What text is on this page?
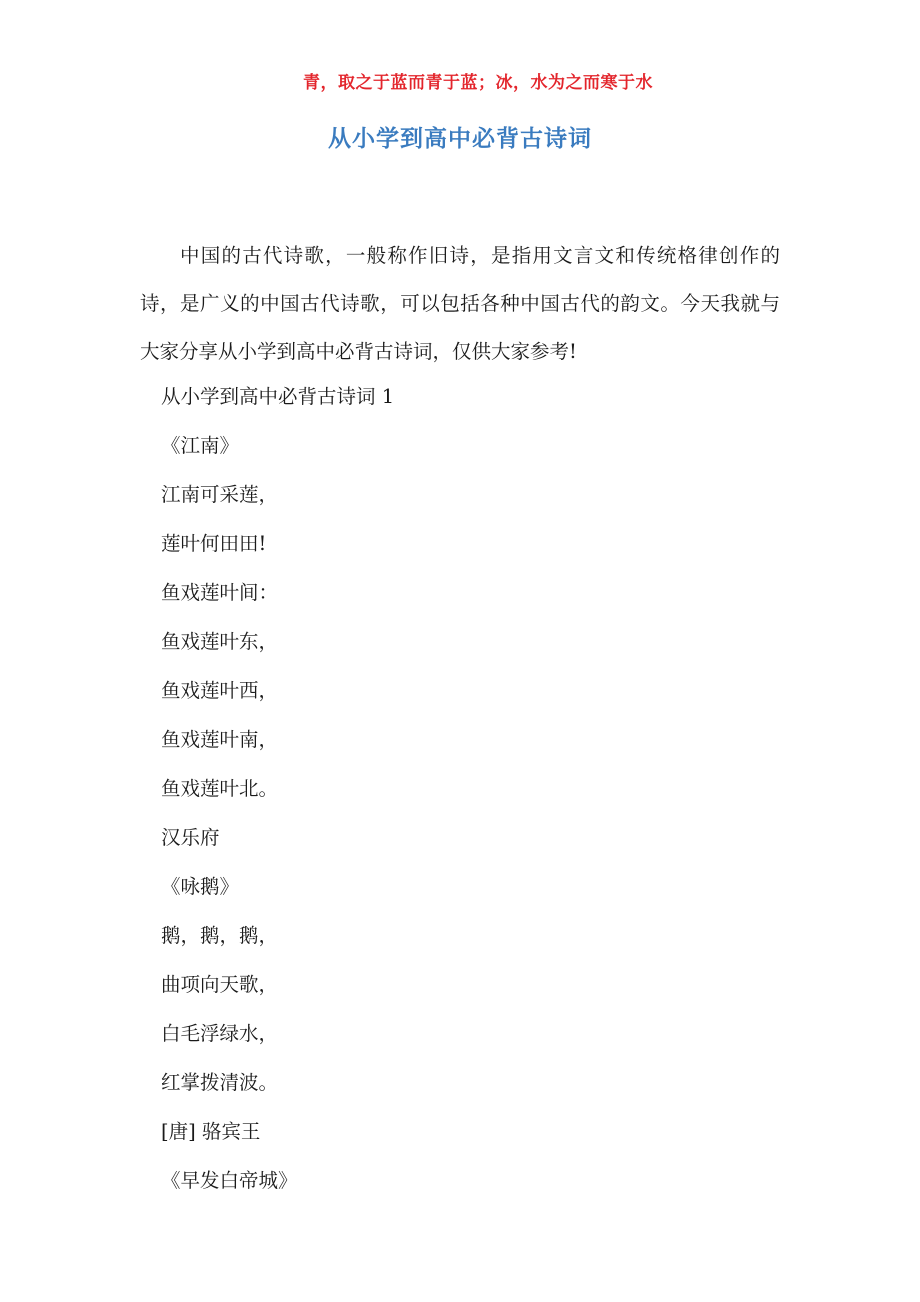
青，取之于蓝而青于蓝；冰，水为之而寒于水
从小学到高中必背古诗词
中国的古代诗歌，一般称作旧诗，是指用文言文和传统格律创作的诗，是广义的中国古代诗歌，可以包括各种中国古代的韵文。今天我就与大家分享从小学到高中必背古诗词，仅供大家参考!
从小学到高中必背古诗词 1
《江南》
江南可采莲，
莲叶何田田!
鱼戏莲叶间：
鱼戏莲叶东，
鱼戏莲叶西，
鱼戏莲叶南，
鱼戏莲叶北。
汉乐府
《咏鹅》
鹅，鹅，鹅，
曲项向天歌，
白毛浮绿水，
红掌拨清波。
[唐] 骆宾王
《早发白帝城》
